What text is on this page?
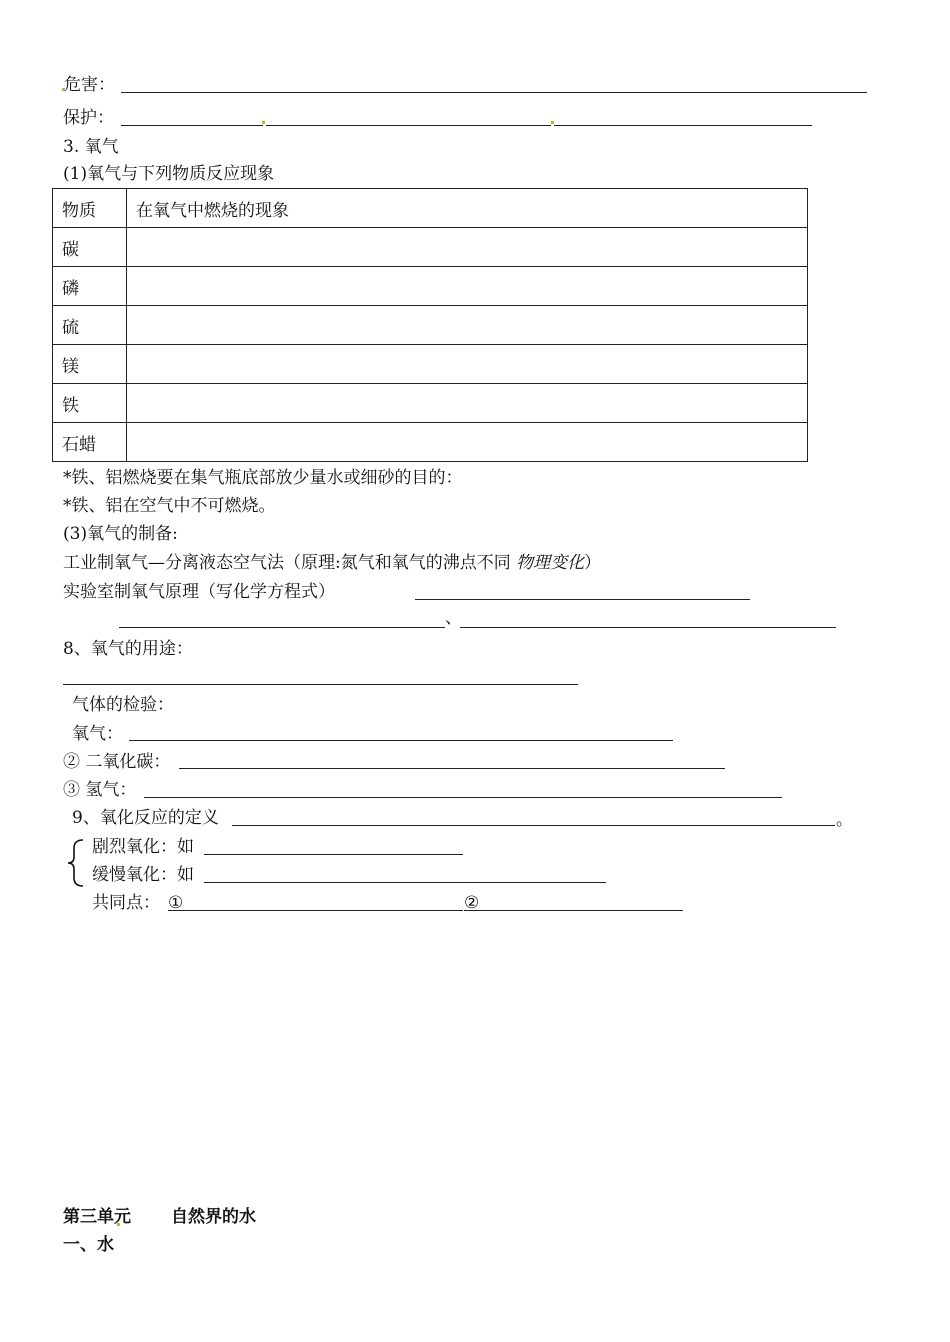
危害：
保护：
3. 氧气
(1)氧气与下列物质反应现象
物质	在氧气中燃烧的现象
碳	
磷	
硫	
镁	
铁	
石蜡	
*铁、铝燃烧要在集气瓶底部放少量水或细砂的目的：
*铁、铝在空气中不可燃烧。
(3)氧气的制备:
工业制氧气—分离液态空气法（原理:氮气和氧气的沸点不同 物理变化）
实验室制氧气原理（写化学方程式）
、
8、氧气的用途：
气体的检验：
氧气：
② 二氧化碳：
③ 氢气：
9、氧化反应的定义	。
剧烈氧化：如
缓慢氧化：如
共同点： ①	②
第三单元 自然界的水
一、水
